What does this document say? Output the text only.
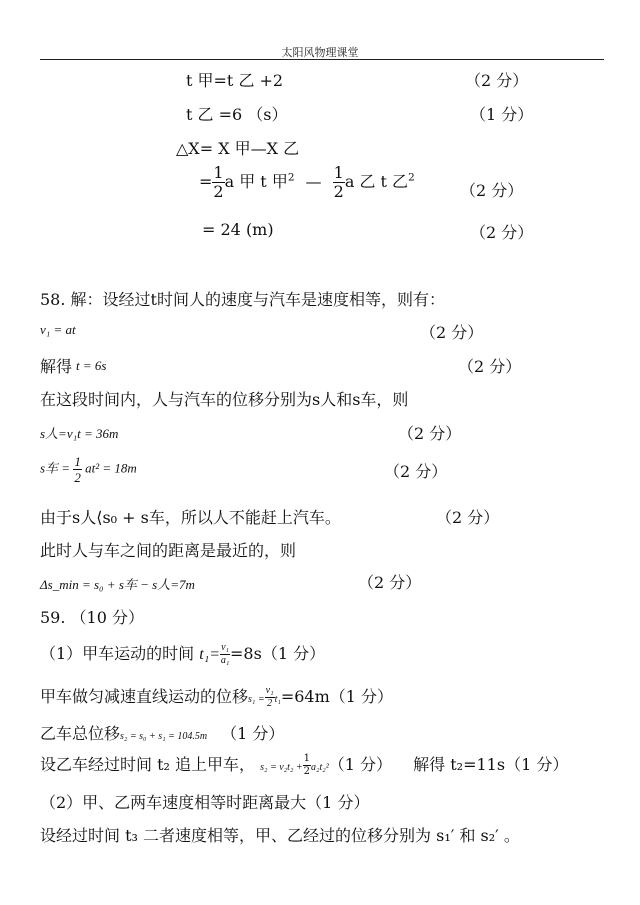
太阳风物理课堂
t 甲=t 乙 +2	（2 分）
t 乙 =6 （s）	（1 分）
△X= X 甲—X 乙
= $\frac{1}{2}$ a 甲 t 甲$^2$ — $\frac{1}{2}$ a 乙 t 乙$^2$
（2 分）
= 24 (m)	（2 分）
58. 解：设经过t时间人的速度与汽车是速度相等，则有：
v₁ = at	（2 分）
解得 t = 6s	（2 分）
在这段时间内，人与汽车的位移分别为s人和s车，则
s人=v₁t = 36m	（2 分）
s车 = $\frac{1}{2} at^2 = 18m$	（2 分）
由于s人⟨s₀ + s车，所以人不能赶上汽车。	（2 分）
此时人与车之间的距离是最近的，则
Δs_min = s₀ + s车 − s人=7m	（2 分）
59. （10 分）
（1）甲车运动的时间 $t_1= \frac{\text{v₁}}{\text{a₁}} =8s(1$ 分）
甲车做匀减速直线运动的位移$s_1 = \frac{\text{v₁}}{2} t_1=64m(1$ 分）
乙车总位移s₂ = s₀ + s₁ = 104.5m （1 分）
设乙车经过时间 t₂ 追上甲车， $s_2 = v_2t_2 + \frac{1}{2} a_2t_2^2(1$ 分） 解得 t₂=11s（1 分）
（2）甲、乙两车速度相等时距离最大（1 分）
设经过时间 t₃ 二者速度相等，甲、乙经过的位移分别为 s₁′ 和 s₂′ 。
